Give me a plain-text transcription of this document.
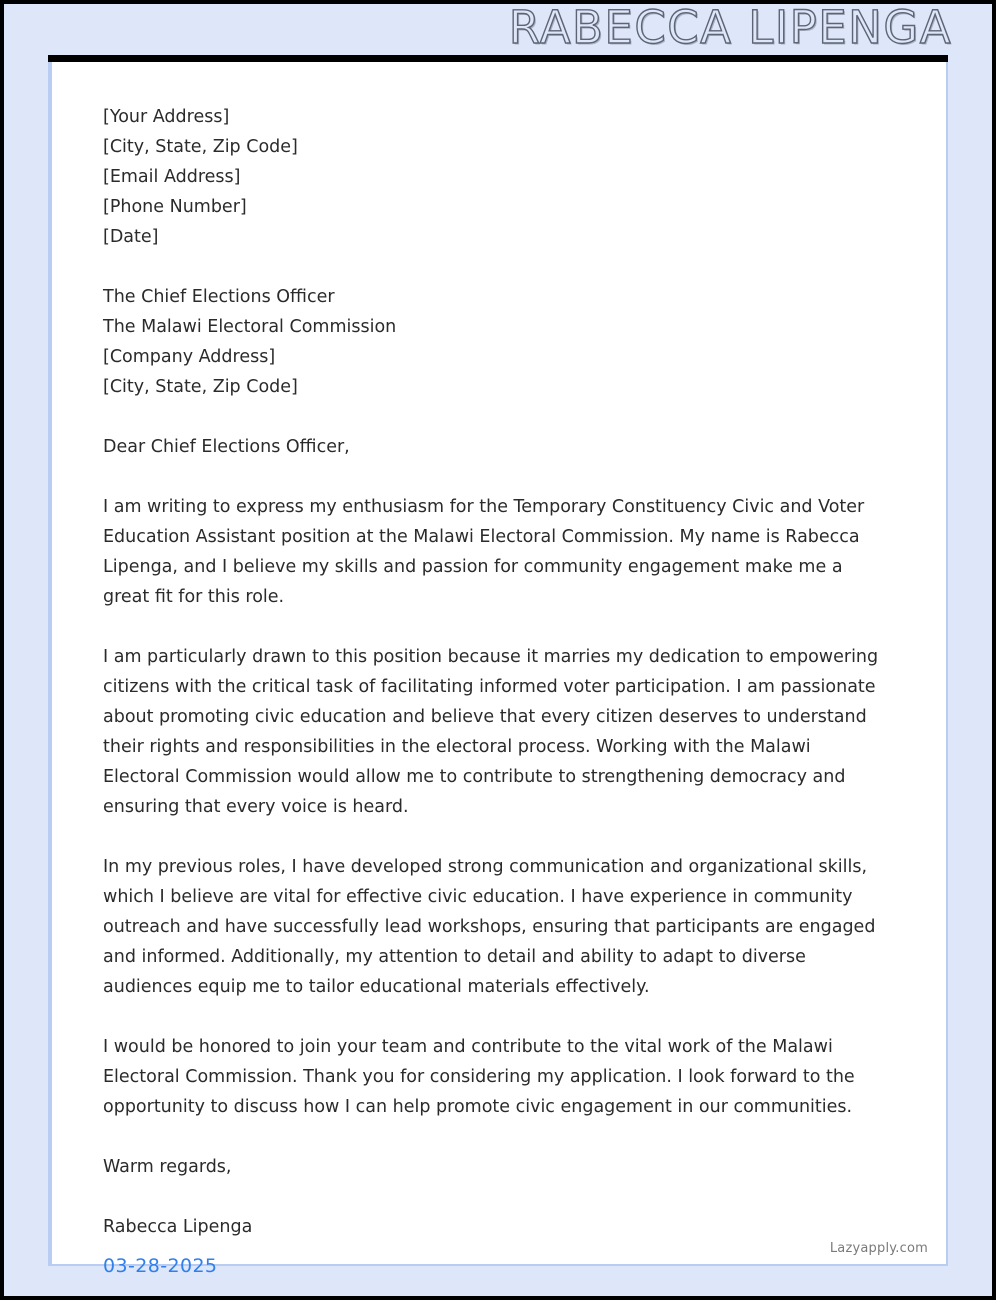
RABECCA LIPENGA
[Your Address]
[City, State, Zip Code]
[Email Address]
[Phone Number]
[Date]
The Chief Elections Officer
The Malawi Electoral Commission
[Company Address]
[City, State, Zip Code]
Dear Chief Elections Officer,
I am writing to express my enthusiasm for the Temporary Constituency Civic and Voter Education Assistant position at the Malawi Electoral Commission. My name is Rabecca Lipenga, and I believe my skills and passion for community engagement make me a great fit for this role.
I am particularly drawn to this position because it marries my dedication to empowering citizens with the critical task of facilitating informed voter participation. I am passionate about promoting civic education and believe that every citizen deserves to understand their rights and responsibilities in the electoral process. Working with the Malawi Electoral Commission would allow me to contribute to strengthening democracy and ensuring that every voice is heard.
In my previous roles, I have developed strong communication and organizational skills, which I believe are vital for effective civic education. I have experience in community outreach and have successfully lead workshops, ensuring that participants are engaged and informed. Additionally, my attention to detail and ability to adapt to diverse audiences equip me to tailor educational materials effectively.
I would be honored to join your team and contribute to the vital work of the Malawi Electoral Commission. Thank you for considering my application. I look forward to the opportunity to discuss how I can help promote civic engagement in our communities.
Warm regards,
Rabecca Lipenga
Lazyapply.com
03-28-2025
